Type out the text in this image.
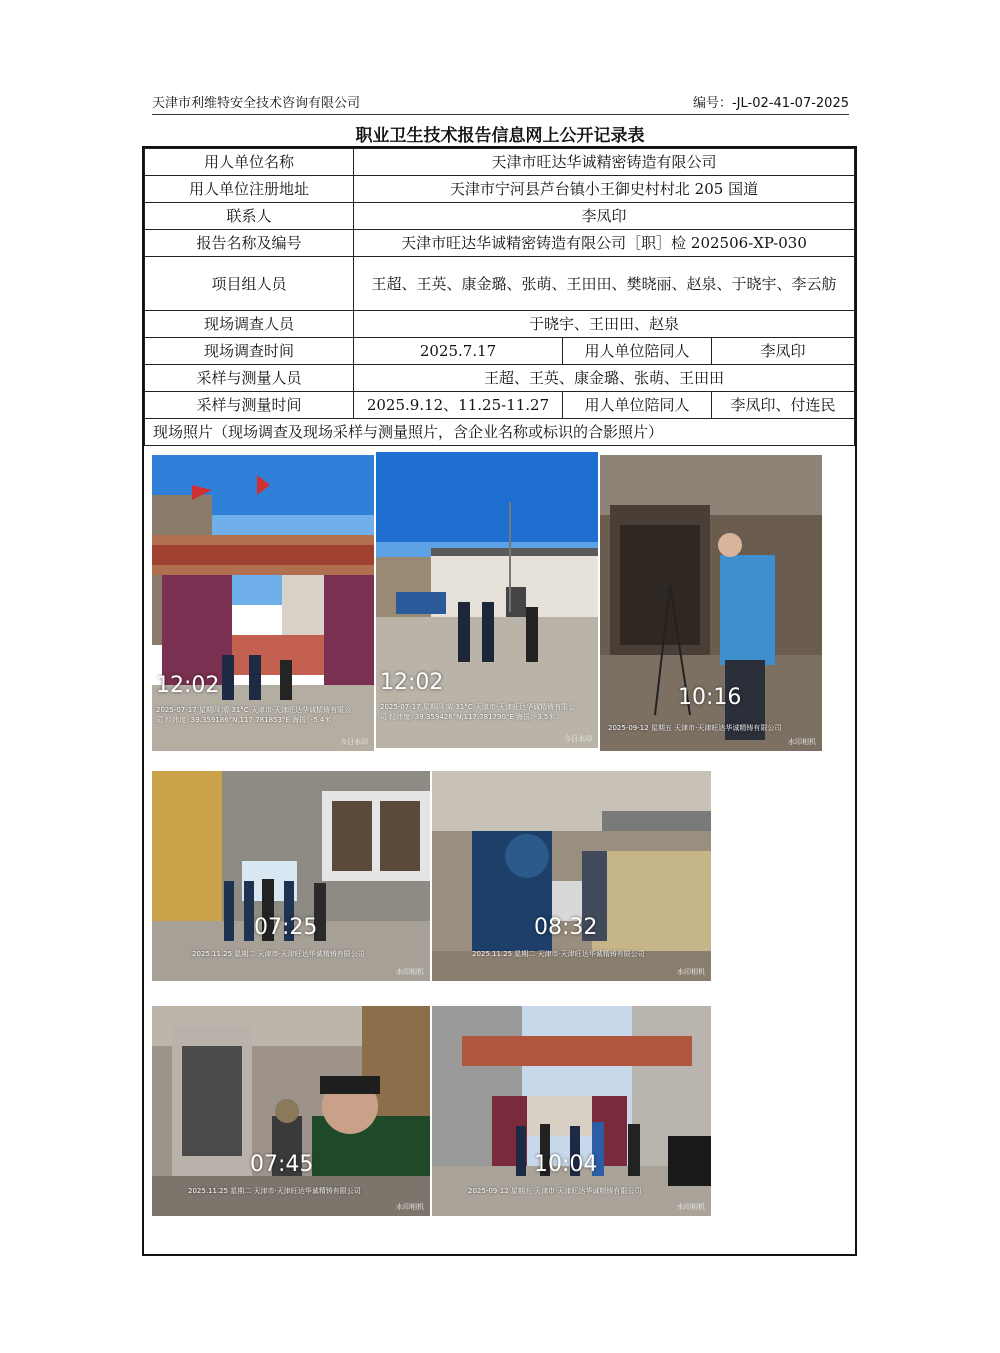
天津市利维特安全技术咨询有限公司	编号：-JL-02-41-07-2025
职业卫生技术报告信息网上公开记录表
用人单位名称	天津市旺达华诚精密铸造有限公司		
用人单位注册地址	天津市宁河县芦台镇小王御史村村北 205 国道		
联系人	李凤印		
报告名称及编号	天津市旺达华诚精密铸造有限公司［职］检 202506-XP-030		
项目组人员	王超、王英、康金璐、张萌、王田田、樊晓丽、赵泉、于晓宇、李云舫		
现场调查人员	于晓宇、王田田、赵泉		
现场调查时间	2025.7.17	用人单位陪同人	李凤印
采样与测量人员	王超、王英、康金璐、张萌、王田田		
采样与测量时间	2025.9.12、11.25-11.27	用人单位陪同人	李凤印、付连民
现场照片（现场调查及现场采样与测量照片，含企业名称或标识的合影照片）			
12:02
2025-07-17 星期四 晴 31°C 天津市·天津旺达华诚精铸有限公司 经纬度: 39.359186°N,117.781853°E 海拔: -5.4米
今日水印
12:02
2025-07-17 星期四 晴 31°C 天津市·天津旺达华诚精铸有限公司 经纬度: 39.359426°N,117.781790°E 海拔: -3.5米
今日水印
10:16
2025-09-12 星期五 天津市·天津旺达华诚精铸有限公司
水印相机
07:25
2025.11.25 星期二 天津市·天津旺达华诚精铸有限公司
水印相机
08:32
2025.11.25 星期二 天津市·天津旺达华诚精铸有限公司
水印相机
07:45
2025.11.25 星期二 天津市·天津旺达华诚精铸有限公司
水印相机
10:04
2025-09-12 星期五 天津市·天津旺达华诚精铸有限公司
水印相机
